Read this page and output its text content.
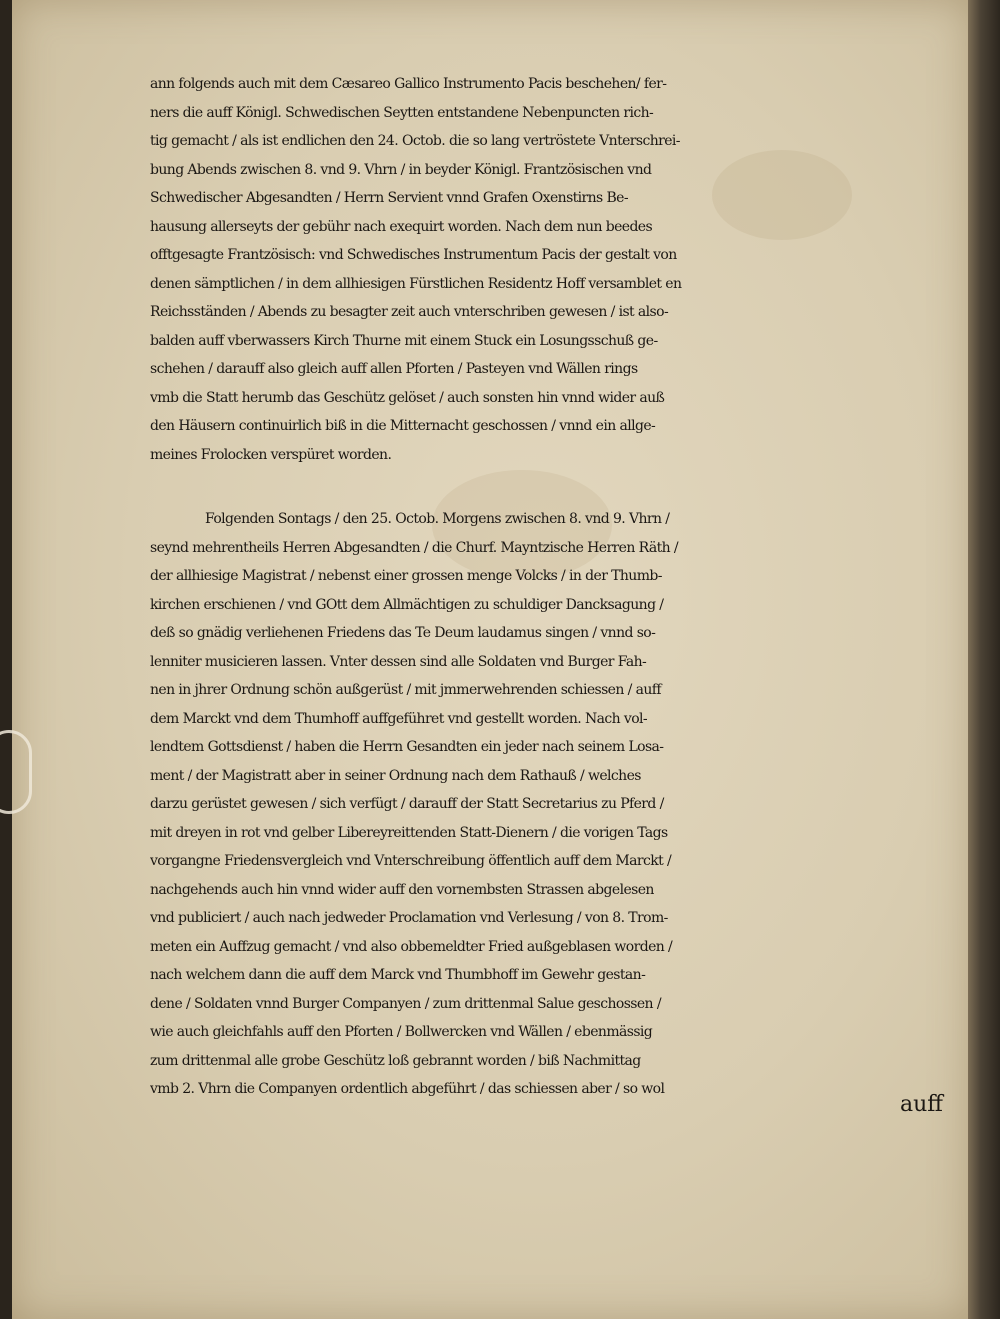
ann folgends auch mit dem Cæsareo Gallico Instrumento Pacis beschehen/ fer-
ners die auff Königl. Schwedischen Seytten entstandene Nebenpuncten rich-
tig gemacht / als ist endlichen den 24. Octob. die so lang vertröstete Vnterschrei-
bung Abends zwischen 8. vnd 9. Vhrn / in beyder Königl. Frantzösischen vnd
Schwedischer Abgesandten / Herrn Servient vnnd Grafen Oxenstirns Be-
hausung allerseyts der gebühr nach exequirt worden. Nach dem nun beedes
offtgesagte Frantzösisch: vnd Schwedisches Instrumentum Pacis der gestalt von
denen sämptlichen / in dem allhiesigen Fürstlichen Residentz Hoff versamblet en
Reichsständen / Abends zu besagter zeit auch vnterschriben gewesen / ist also-
balden auff vberwassers Kirch Thurne mit einem Stuck ein Losungsschuß ge-
schehen / darauff also gleich auff allen Pforten / Pasteyen vnd Wällen rings
vmb die Statt herumb das Geschütz gelöset / auch sonsten hin vnnd wider auß
den Häusern continuirlich biß in die Mitternacht geschossen / vnnd ein allge-
meines Frolocken verspüret worden.
Folgenden Sontags / den 25. Octob. Morgens zwischen 8. vnd 9. Vhrn /
seynd mehrentheils Herren Abgesandten / die Churf. Mayntzische Herren Räth /
der allhiesige Magistrat / nebenst einer grossen menge Volcks / in der Thumb-
kirchen erschienen / vnd GOtt dem Allmächtigen zu schuldiger Dancksagung /
deß so gnädig verliehenen Friedens das Te Deum laudamus singen / vnnd so-
lenniter musicieren lassen. Vnter dessen sind alle Soldaten vnd Burger Fah-
nen in jhrer Ordnung schön außgerüst / mit jmmerwehrenden schiessen / auff
dem Marckt vnd dem Thumhoff auffgeführet vnd gestellt worden. Nach vol-
lendtem Gottsdienst / haben die Herrn Gesandten ein jeder nach seinem Losa-
ment / der Magistratt aber in seiner Ordnung nach dem Rathauß / welches
darzu gerüstet gewesen / sich verfügt / darauff der Statt Secretarius zu Pferd /
mit dreyen in rot vnd gelber Libereyreittenden Statt-Dienern / die vorigen Tags
vorgangne Friedensvergleich vnd Vnterschreibung öffentlich auff dem Marckt /
nachgehends auch hin vnnd wider auff den vornembsten Strassen abgelesen
vnd publiciert / auch nach jedweder Proclamation vnd Verlesung / von 8. Trom-
meten ein Auffzug gemacht / vnd also obbemeldter Fried außgeblasen worden /
nach welchem dann die auff dem Marck vnd Thumbhoff im Gewehr gestan-
dene / Soldaten vnnd Burger Companyen / zum drittenmal Salue geschossen /
wie auch gleichfahls auff den Pforten / Bollwercken vnd Wällen / ebenmässig
zum drittenmal alle grobe Geschütz loß gebrannt worden / biß Nachmittag
vmb 2. Vhrn die Companyen ordentlich abgeführt / das schiessen aber / so wol
auff
